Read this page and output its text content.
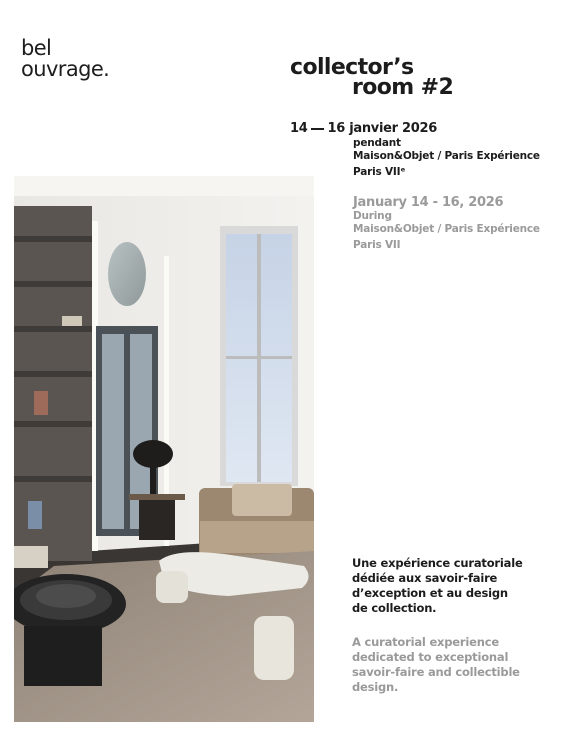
bel
ouvrage.	collector’s
room #2
14 16 janvier 2026
pendant
Maison&Objet / Paris Expérience
Paris VIIᵉ
January 14 - 16, 2026
During
Maison&Objet / Paris Expérience
Paris VII
Une expérience curatoriale
dédiée aux savoir-faire
d’exception et au design
de collection.
A curatorial experience
dedicated to exceptional
savoir-faire and collectible
design.
